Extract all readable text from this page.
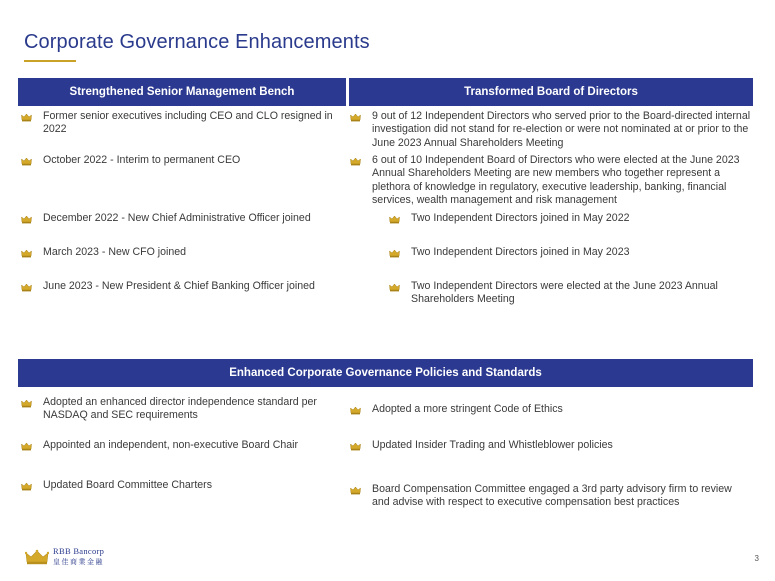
Corporate Governance Enhancements
Strengthened Senior Management Bench	Transformed Board of Directors
Former senior executives including CEO and CLO resigned in 2022
October 2022 - Interim to permanent CEO
December 2022 - New Chief Administrative Officer joined
March 2023 - New CFO joined
June 2023 - New President & Chief Banking Officer joined
9 out of 12 Independent Directors who served prior to the Board-directed internal investigation did not stand for re-election or were not nominated at or prior to the June 2023 Annual Shareholders Meeting
6 out of 10 Independent Board of Directors who were elected at the June 2023 Annual Shareholders Meeting are new members who together represent a plethora of knowledge in regulatory, executive leadership, banking, financial services, wealth management and risk management
Two Independent Directors joined in May 2022
Two Independent Directors joined in May 2023
Two Independent Directors were elected at the June 2023 Annual Shareholders Meeting
Enhanced Corporate Governance Policies and Standards
Adopted an enhanced director independence standard per NASDAQ and SEC requirements
Appointed an independent, non-executive Board Chair
Updated Board Committee Charters
Adopted a more stringent Code of Ethics
Updated Insider Trading and Whistleblower policies
Board Compensation Committee engaged a 3rd party advisory firm to review and advise with respect to executive compensation best practices
RBB Bancorp
皇佳商業金融	3
